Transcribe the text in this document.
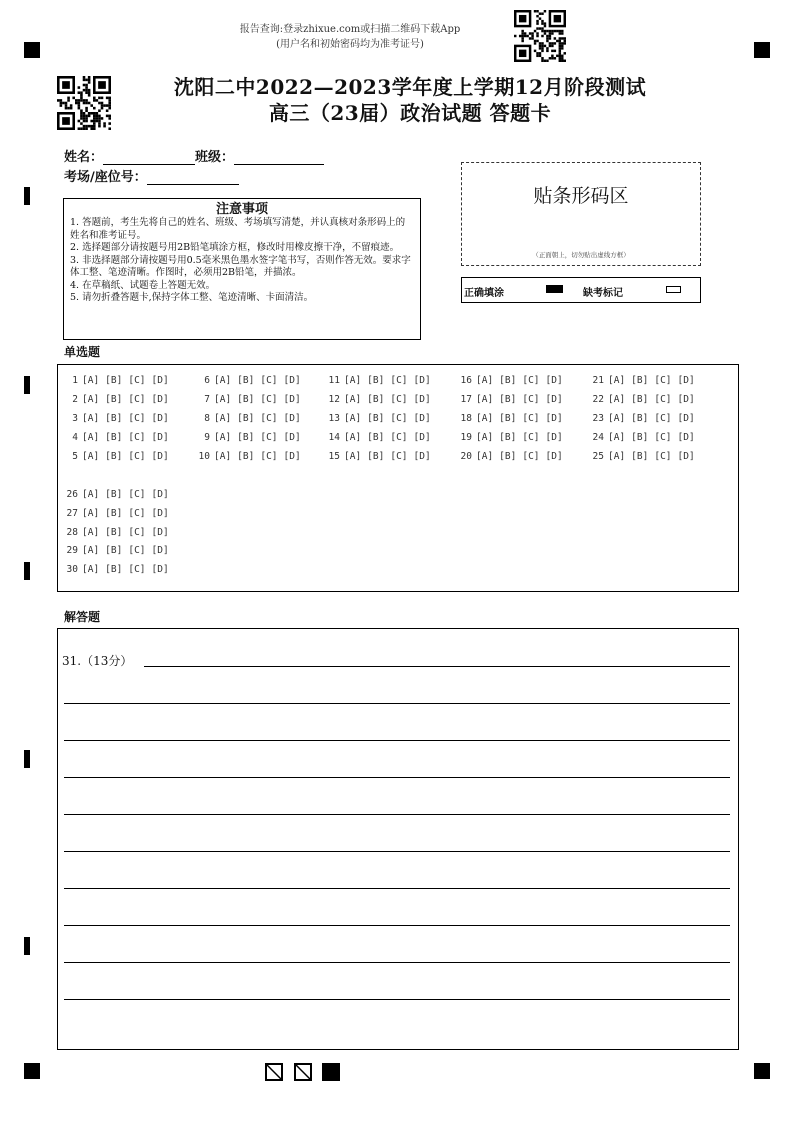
报告查询:登录zhixue.com或扫描二维码下载App
(用户名和初始密码均为准考证号)
沈阳二中2022—2023学年度上学期12月阶段测试
高三（23届）政治试题 答题卡
姓名：	班级：
考场/座位号：
注意事项
1. 答题前，考生先将自己的姓名、班级、考场填写清楚，并认真核对条形码上的姓名和准考证号。
2. 选择题部分请按题号用2B铅笔填涂方框，修改时用橡皮擦干净，不留痕迹。
3. 非选择题部分请按题号用0.5毫米黑色墨水签字笔书写，否则作答无效。要求字体工整、笔迹清晰。作图时，必须用2B铅笔，并描浓。
4. 在草稿纸、试题卷上答题无效。
5. 请勿折叠答题卡,保持字体工整、笔迹清晰、卡面清洁。
贴条形码区
（正面朝上，切勿贴出虚线方框）
正确填涂	缺考标记
单选题
1 [A] [B] [C] [D]
2 [A] [B] [C] [D]
3 [A] [B] [C] [D]
4 [A] [B] [C] [D]
5 [A] [B] [C] [D]
6 [A] [B] [C] [D]
7 [A] [B] [C] [D]
8 [A] [B] [C] [D]
9 [A] [B] [C] [D]
10 [A] [B] [C] [D]
11 [A] [B] [C] [D]
12 [A] [B] [C] [D]
13 [A] [B] [C] [D]
14 [A] [B] [C] [D]
15 [A] [B] [C] [D]
16 [A] [B] [C] [D]
17 [A] [B] [C] [D]
18 [A] [B] [C] [D]
19 [A] [B] [C] [D]
20 [A] [B] [C] [D]
21 [A] [B] [C] [D]
22 [A] [B] [C] [D]
23 [A] [B] [C] [D]
24 [A] [B] [C] [D]
25 [A] [B] [C] [D]
26 [A] [B] [C] [D]
27 [A] [B] [C] [D]
28 [A] [B] [C] [D]
29 [A] [B] [C] [D]
30 [A] [B] [C] [D]
解答题
31.（13分）
